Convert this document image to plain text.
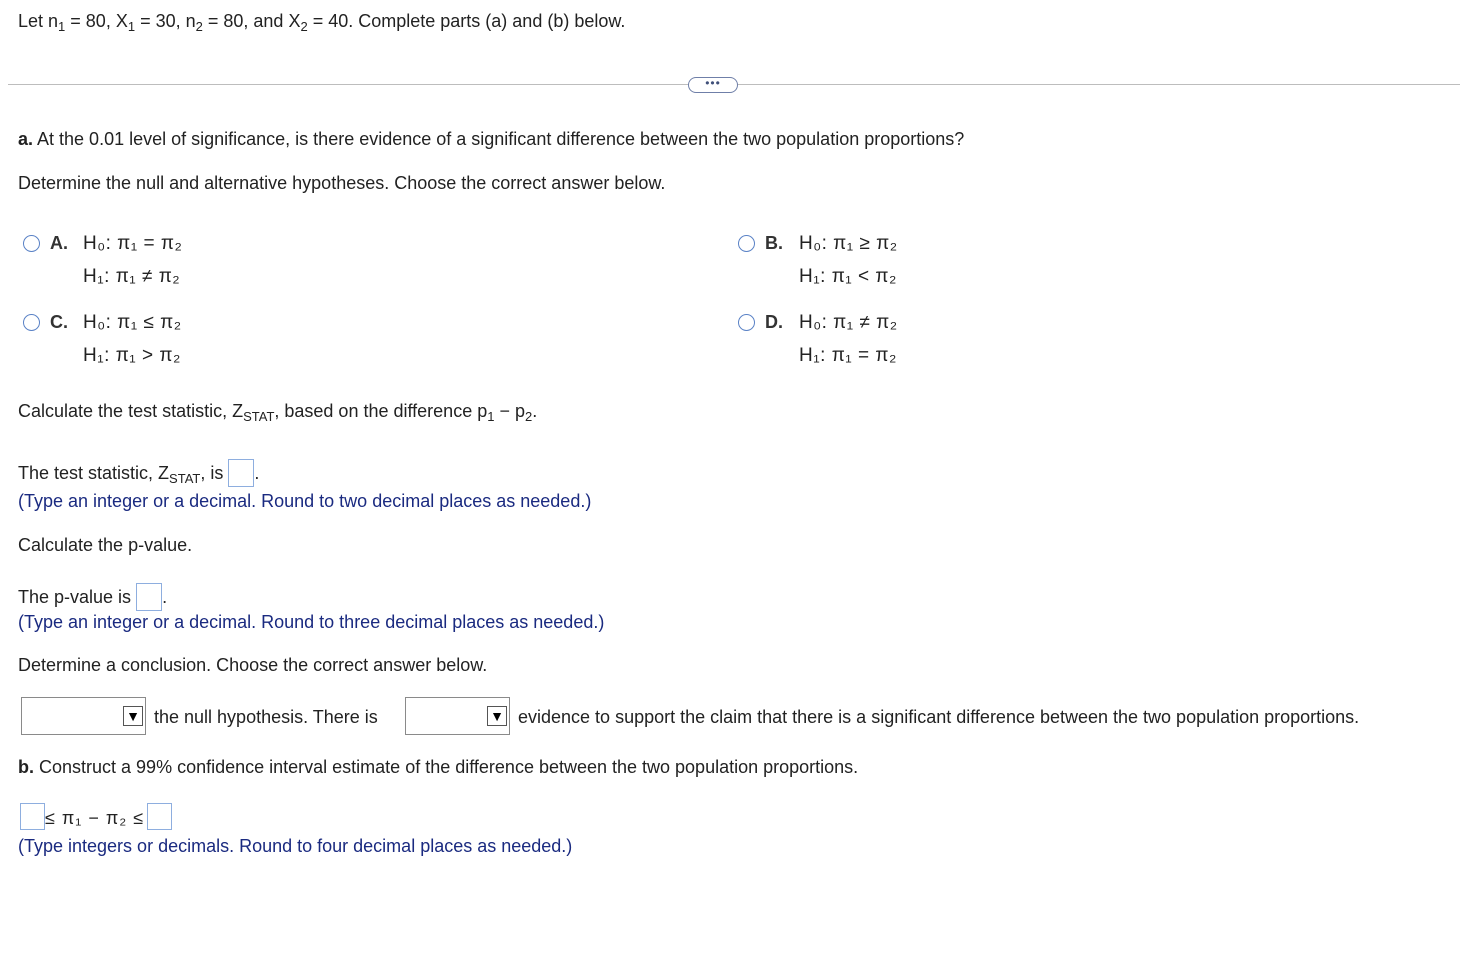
Let $n_1 = 80$, $X_1 = 30$, $n_2 = 80$, and $X_2 = 40$. Complete parts (a) and (b) below.
•••
a. At the 0.01 level of significance, is there evidence of a significant difference between the two population proportions?
Determine the null and alternative hypotheses. Choose the correct answer below.
A. H₀: π₁ = π₂
H₁: π₁ ≠ π₂
B. H₀: π₁ ≥ π₂
H₁: π₁ < π₂
C. H₀: π₁ ≤ π₂
H₁: π₁ > π₂
D. H₀: π₁ ≠ π₂
H₁: π₁ = π₂
Calculate the test statistic, $Z_{STAT}$, based on the difference $p_1 - p_2$.
The test statistic, $Z_{STAT}$, is .
(Type an integer or a decimal. Round to two decimal places as needed.)
Calculate the p-value.
The p-value is .
(Type an integer or a decimal. Round to three decimal places as needed.)
Determine a conclusion. Choose the correct answer below.
▼ the null hypothesis. There is	▼ evidence to support the claim that there is a significant difference between the two population proportions.
b. Construct a 99% confidence interval estimate of the difference between the two population proportions.
≤ π₁ − π₂ ≤
(Type integers or decimals. Round to four decimal places as needed.)
